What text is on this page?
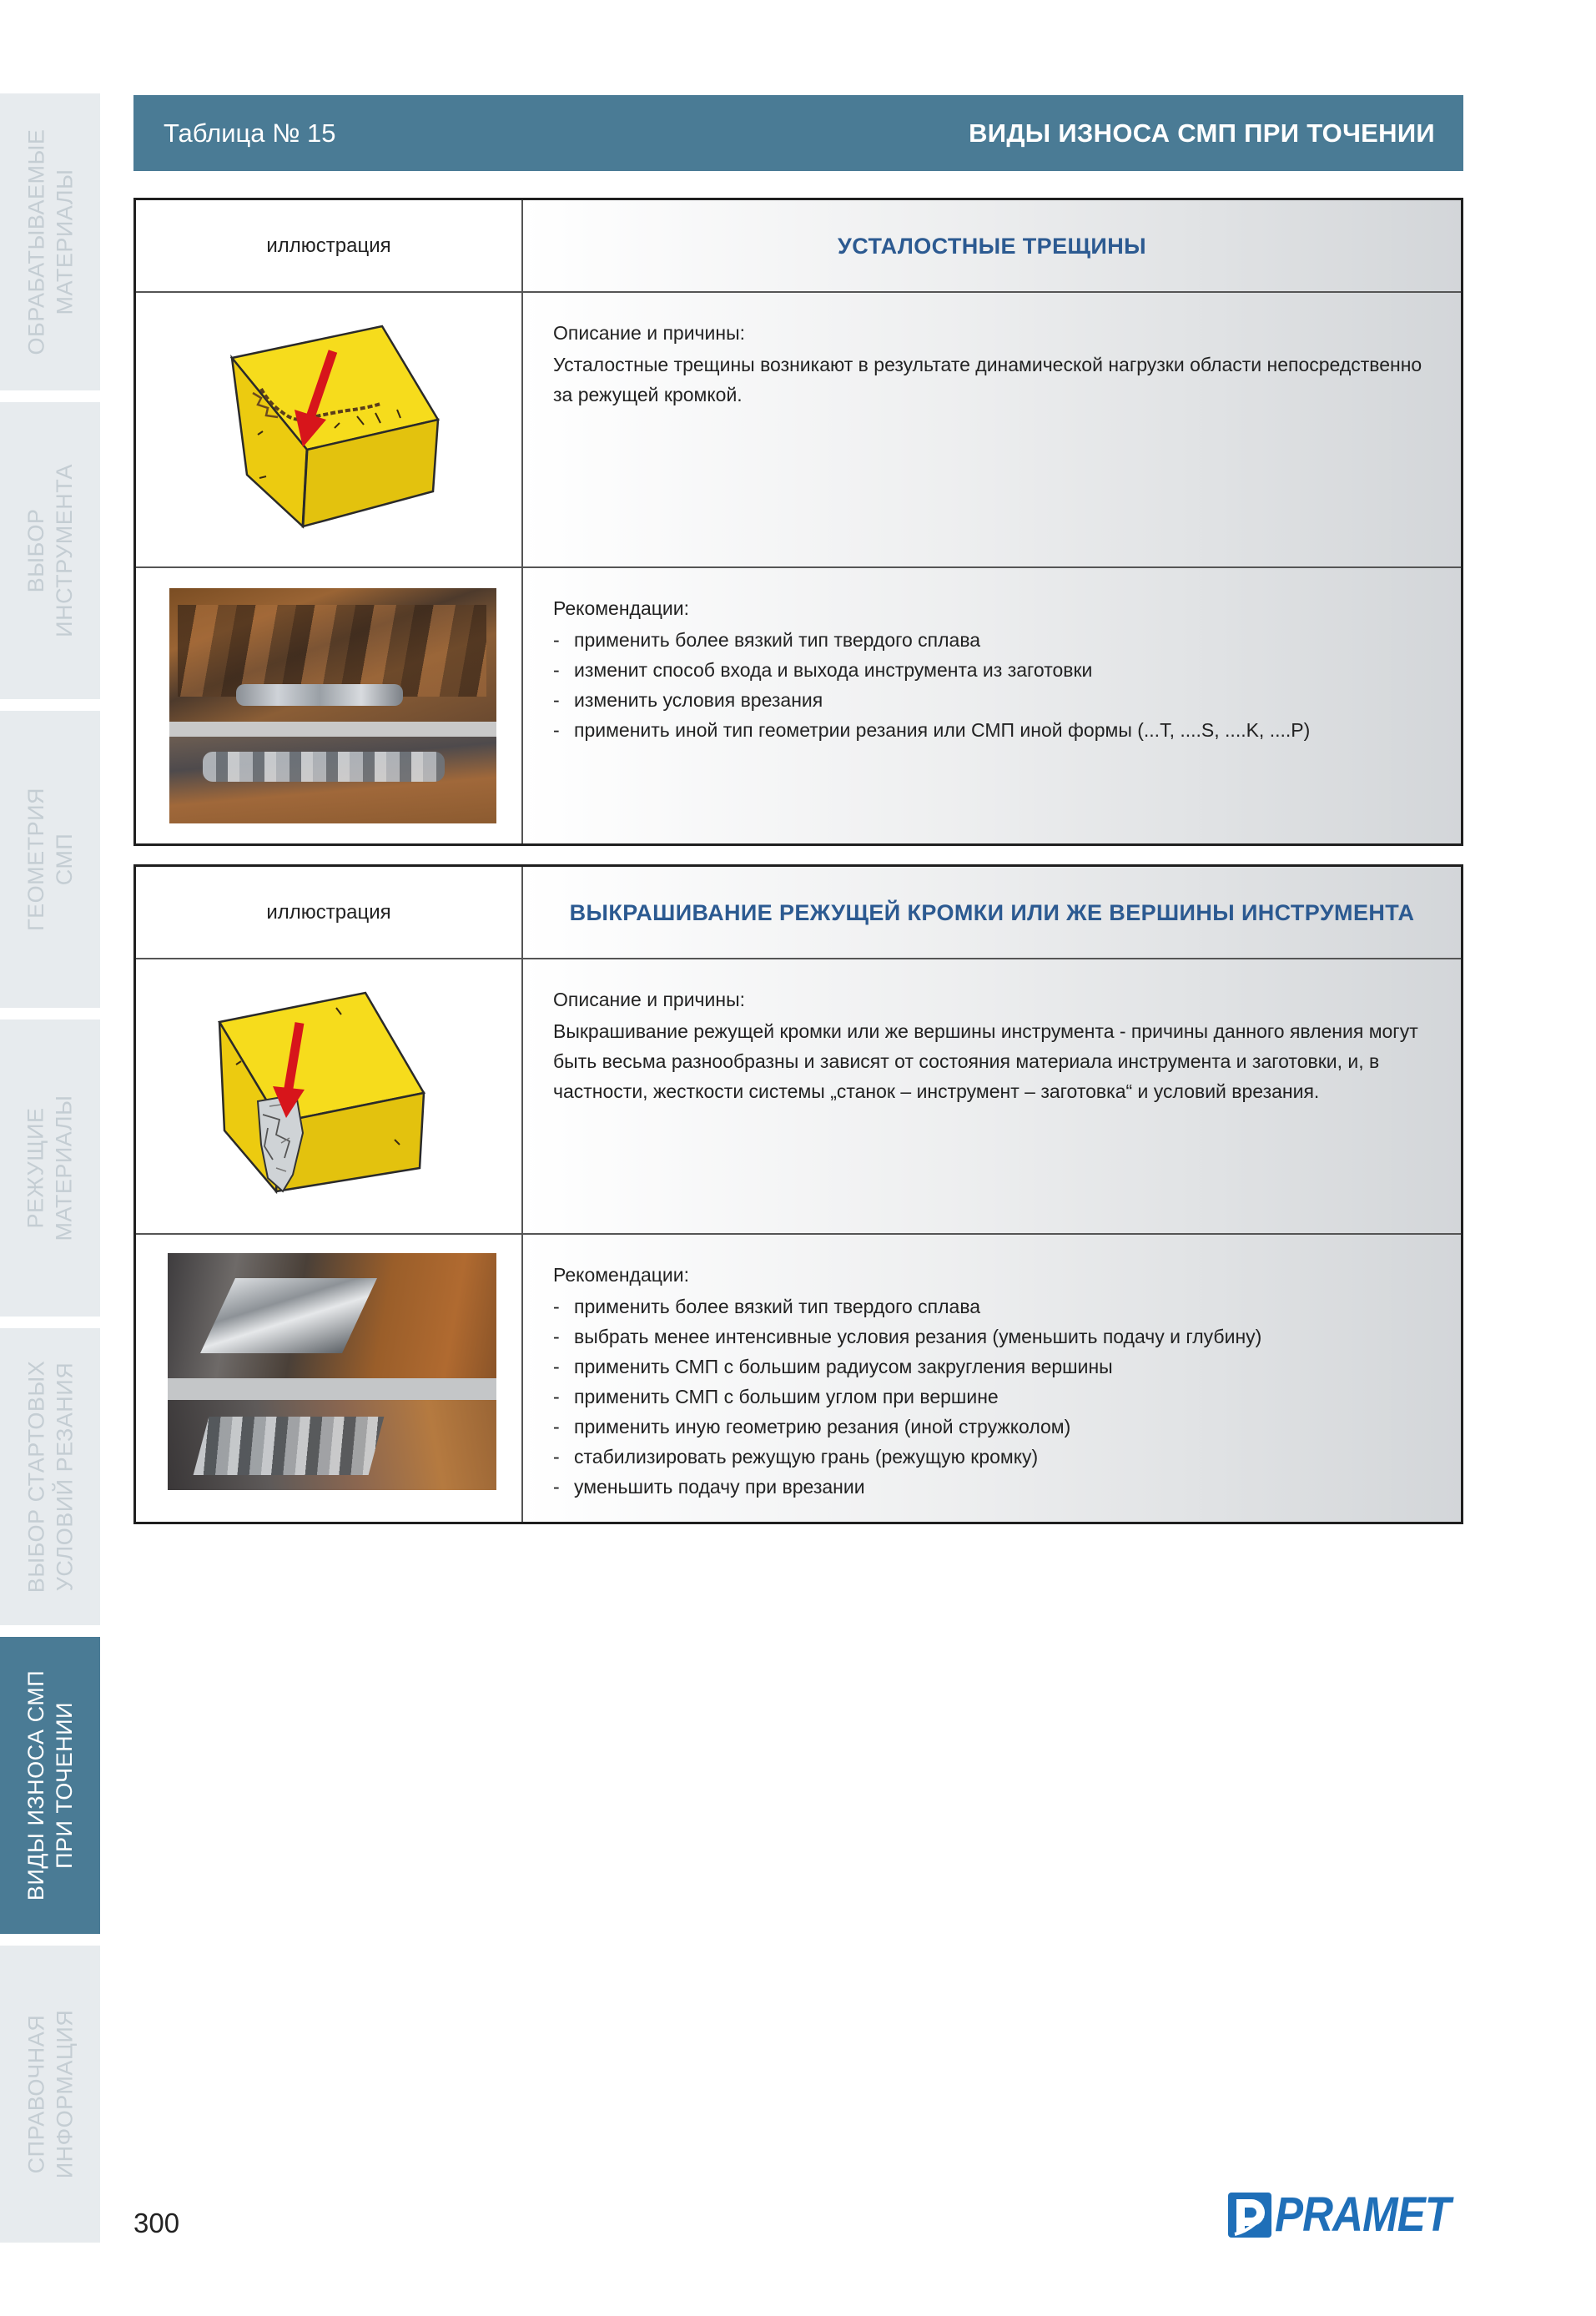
ОБРАБАТЫВАЕМЫЕ МАТЕРИАЛЫ
ВЫБОР ИНСТРУМЕНТА
ГЕОМЕТРИЯ СМП
РЕЖУЩИЕ МАТЕРИАЛЫ
ВЫБОР СТАРТОВЫХ УСЛОВИЙ РЕЗАНИЯ
ВИДЫ ИЗНОСА СМП ПРИ ТОЧЕНИИ
СПРАВОЧНАЯ ИНФОРМАЦИЯ
Таблица № 15	ВИДЫ ИЗНОСА СМП ПРИ ТОЧЕНИИ
иллюстрация	УСТАЛОСТНЫЕ ТРЕЩИНЫ
Описание и причины:
Усталостные трещины возникают в результате динамической нагрузки области непосредственно за режущей кромкой.
Рекомендации:
- применить более вязкий тип твердого сплава
- изменит способ входа и выхода инструмента из заготовки
- изменить условия врезания
- применить иной тип геометрии резания или СМП иной формы (...T, ....S, ....K, ....P)
иллюстрация	ВЫКРАШИВАНИЕ РЕЖУЩЕЙ КРОМКИ ИЛИ ЖЕ ВЕРШИНЫ ИНСТРУМЕНТА
Описание и причины:
Выкрашивание режущей кромки или же вершины инструмента - причины данного явления могут быть весьма разнообразны и зависят от состояния материала инструмента и заготовки, и, в частности, жесткости системы „станок – инструмент – заготовка“ и условий врезания.
Рекомендации:
- применить более вязкий тип твердого сплава
- выбрать менее интенсивные условия резания (уменьшить подачу и глубину)
- применить СМП с большим радиусом закругления вершины
- применить СМП с большим углом при вершине
- применить иную геометрию резания (иной стружколом)
- стабилизировать режущую грань (режущую кромку)
- уменьшить подачу при врезании
300	PRAMET
